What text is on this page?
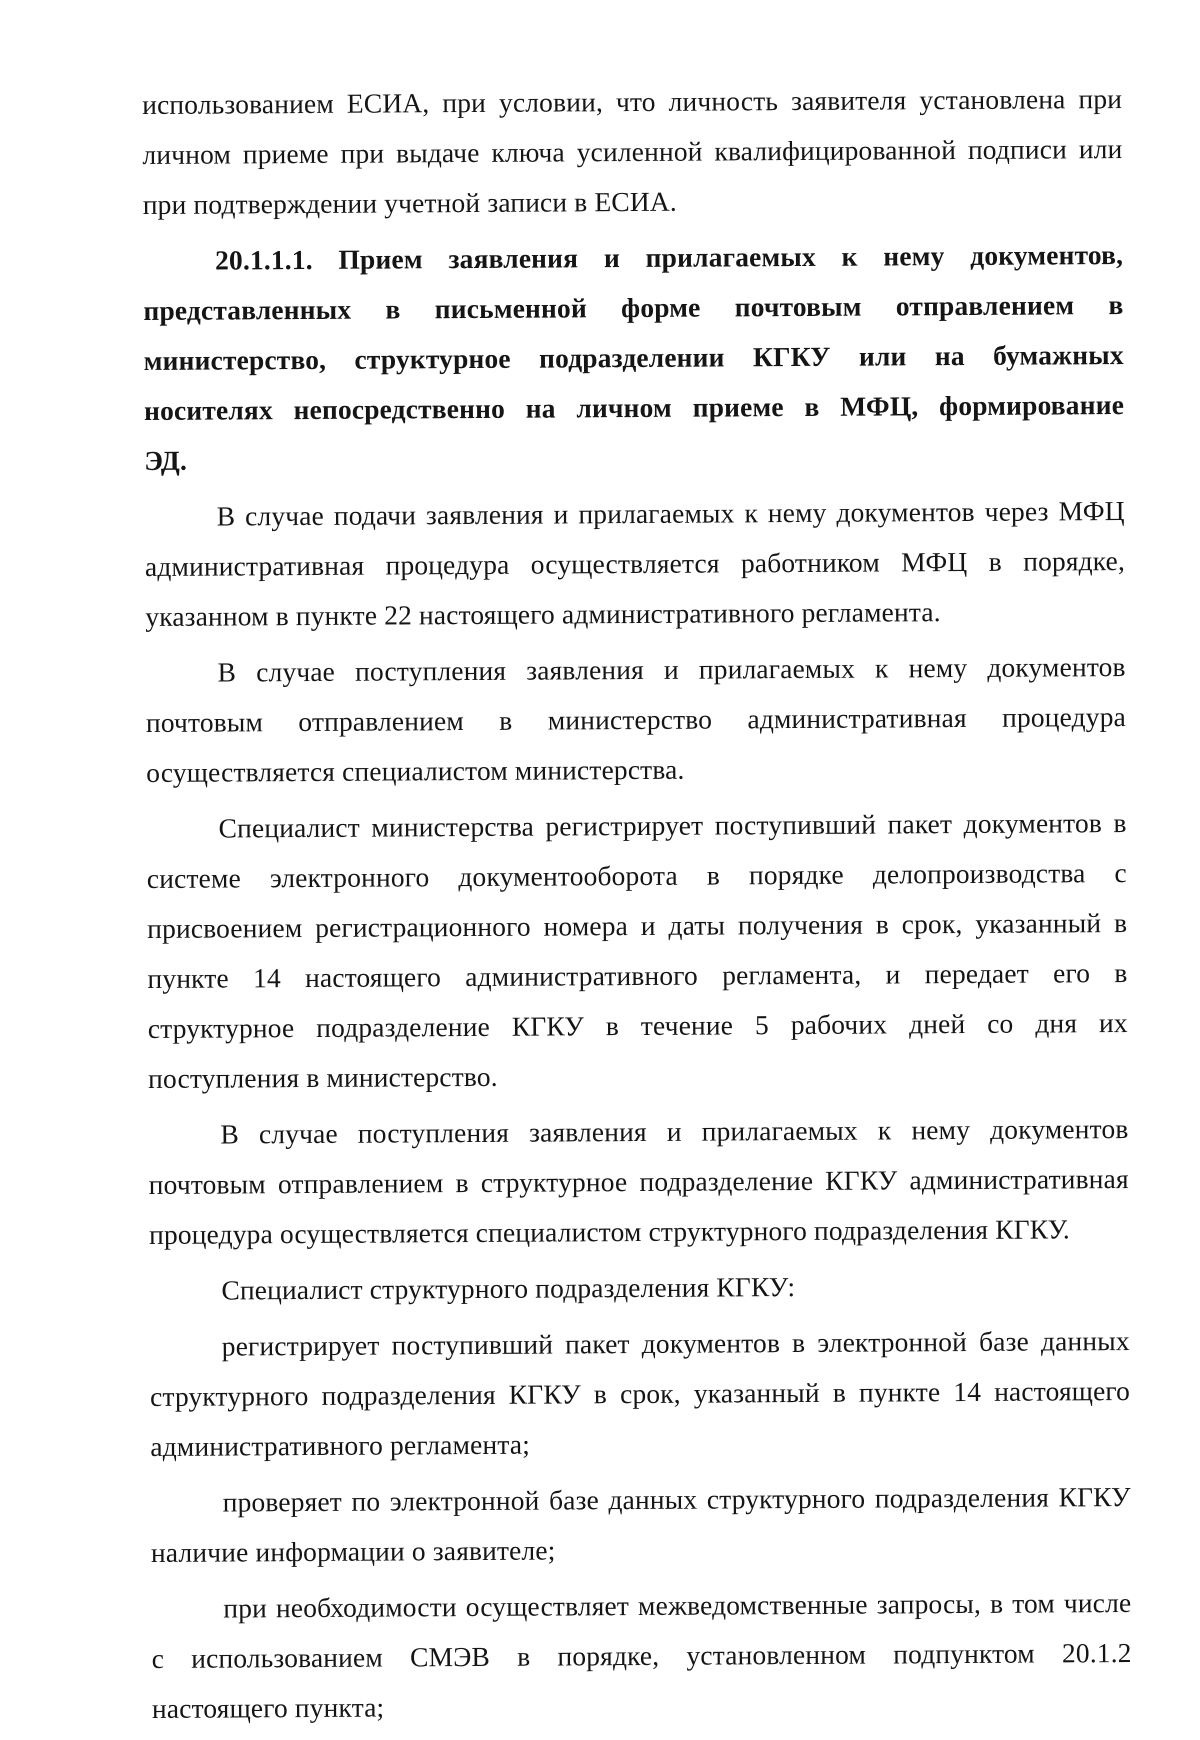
использованием ЕСИА, при условии, что личность заявителя установлена при личном приеме при выдаче ключа усиленной квалифицированной подписи или при подтверждении учетной записи в ЕСИА.

20.1.1.1. Прием заявления и прилагаемых к нему документов, представленных в письменной форме почтовым отправлением в министерство, структурное подразделении КГКУ или на бумажных носителях непосредственно на личном приеме в МФЦ, формирование ЭД.

В случае подачи заявления и прилагаемых к нему документов через МФЦ административная процедура осуществляется работником МФЦ в порядке, указанном в пункте 22 настоящего административного регламента.

В случае поступления заявления и прилагаемых к нему документов почтовым отправлением в министерство административная процедура осуществляется специалистом министерства.

Специалист министерства регистрирует поступивший пакет документов в системе электронного документооборота в порядке делопроизводства с присвоением регистрационного номера и даты получения в срок, указанный в пункте 14 настоящего административного регламента, и передает его в структурное подразделение КГКУ в течение 5 рабочих дней со дня их поступления в министерство.

В случае поступления заявления и прилагаемых к нему документов почтовым отправлением в структурное подразделение КГКУ административная процедура осуществляется специалистом структурного подразделения КГКУ.

Специалист структурного подразделения КГКУ:

регистрирует поступивший пакет документов в электронной базе данных структурного подразделения КГКУ в срок, указанный в пункте 14 настоящего административного регламента;

проверяет по электронной базе данных структурного подразделения КГКУ наличие информации о заявителе;

при необходимости осуществляет межведомственные запросы, в том числе с использованием СМЭВ в порядке, установленном подпунктом 20.1.2 настоящего пункта;
